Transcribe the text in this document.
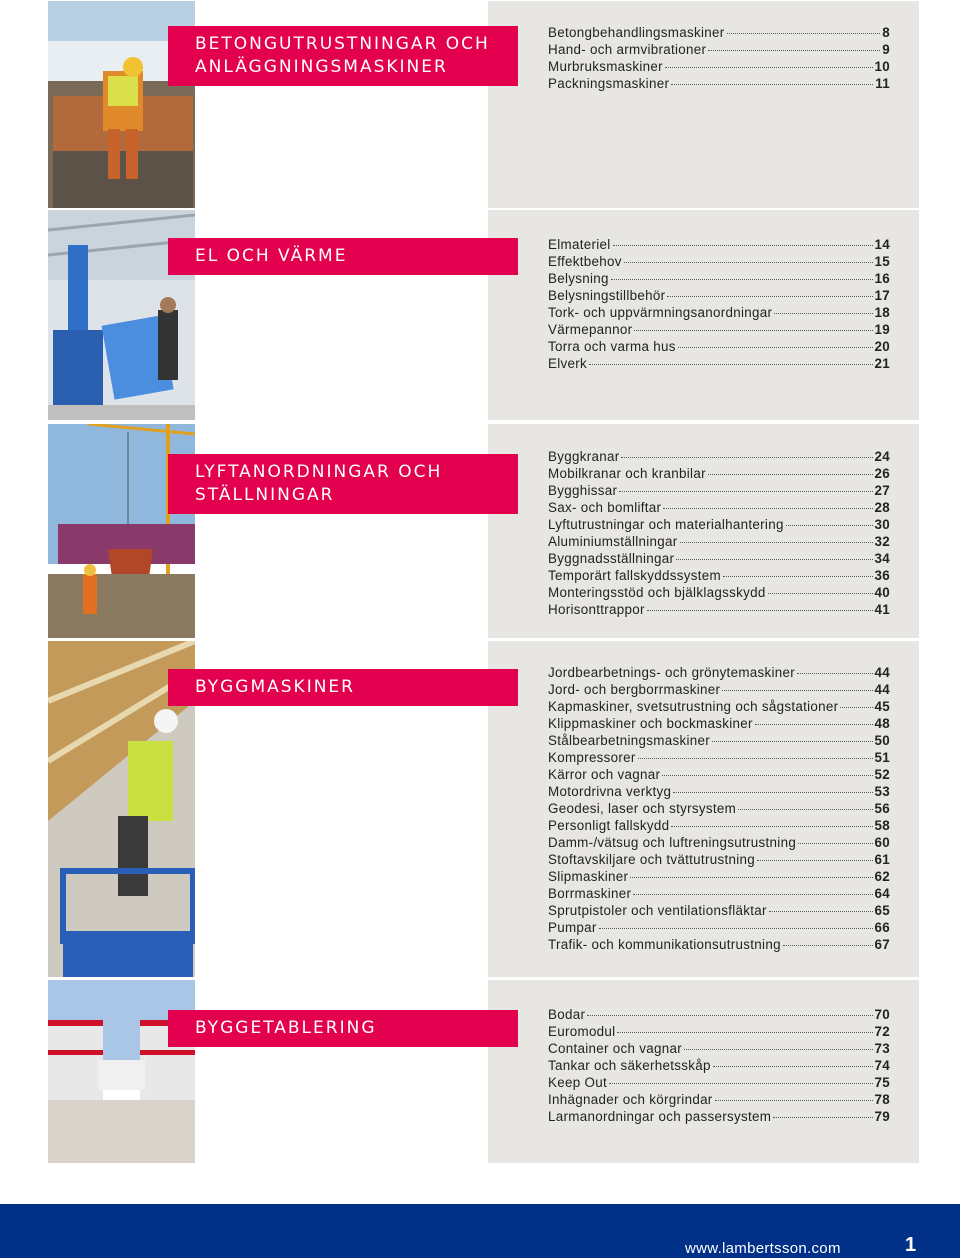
BETONGUTRUSTNINGAR OCH
ANLÄGGNINGSMASKINER
Betongbehandlingsmaskiner	8
Hand- och armvibrationer	9
Murbruksmaskiner	10
Packningsmaskiner	11
EL OCH VÄRME
Elmateriel	14
Effektbehov	15
Belysning	16
Belysningstillbehör	17
Tork- och uppvärmningsanordningar	18
Värmepannor	19
Torra och varma hus	20
Elverk	21
LYFTANORDNINGAR OCH
STÄLLNINGAR
Byggkranar	24
Mobilkranar och kranbilar	26
Bygghissar	27
Sax- och bomliftar	28
Lyftutrustningar och materialhantering	30
Aluminiumställningar	32
Byggnadsställningar	34
Temporärt fallskyddssystem	36
Monteringsstöd och bjälklagsskydd	40
Horisonttrappor	41
BYGGMASKINER
Jordbearbetnings- och grönytemaskiner	44
Jord- och bergborrmaskiner	44
Kapmaskiner, svetsutrustning och sågstationer	45
Klippmaskiner och bockmaskiner	48
Stålbearbetningsmaskiner	50
Kompressorer	51
Kärror och vagnar	52
Motordrivna verktyg	53
Geodesi, laser och styrsystem	56
Personligt fallskydd	58
Damm-/vätsug och luftreningsutrustning	60
Stoftavskiljare och tvättutrustning	61
Slipmaskiner	62
Borrmaskiner	64
Sprutpistoler och ventilationsfläktar	65
Pumpar	66
Trafik- och kommunikationsutrustning	67
BYGGETABLERING
Bodar	70
Euromodul	72
Container och vagnar	73
Tankar och säkerhetsskåp	74
Keep Out	75
Inhägnader och körgrindar	78
Larmanordningar och passersystem	79
www.lambertsson.com	1
